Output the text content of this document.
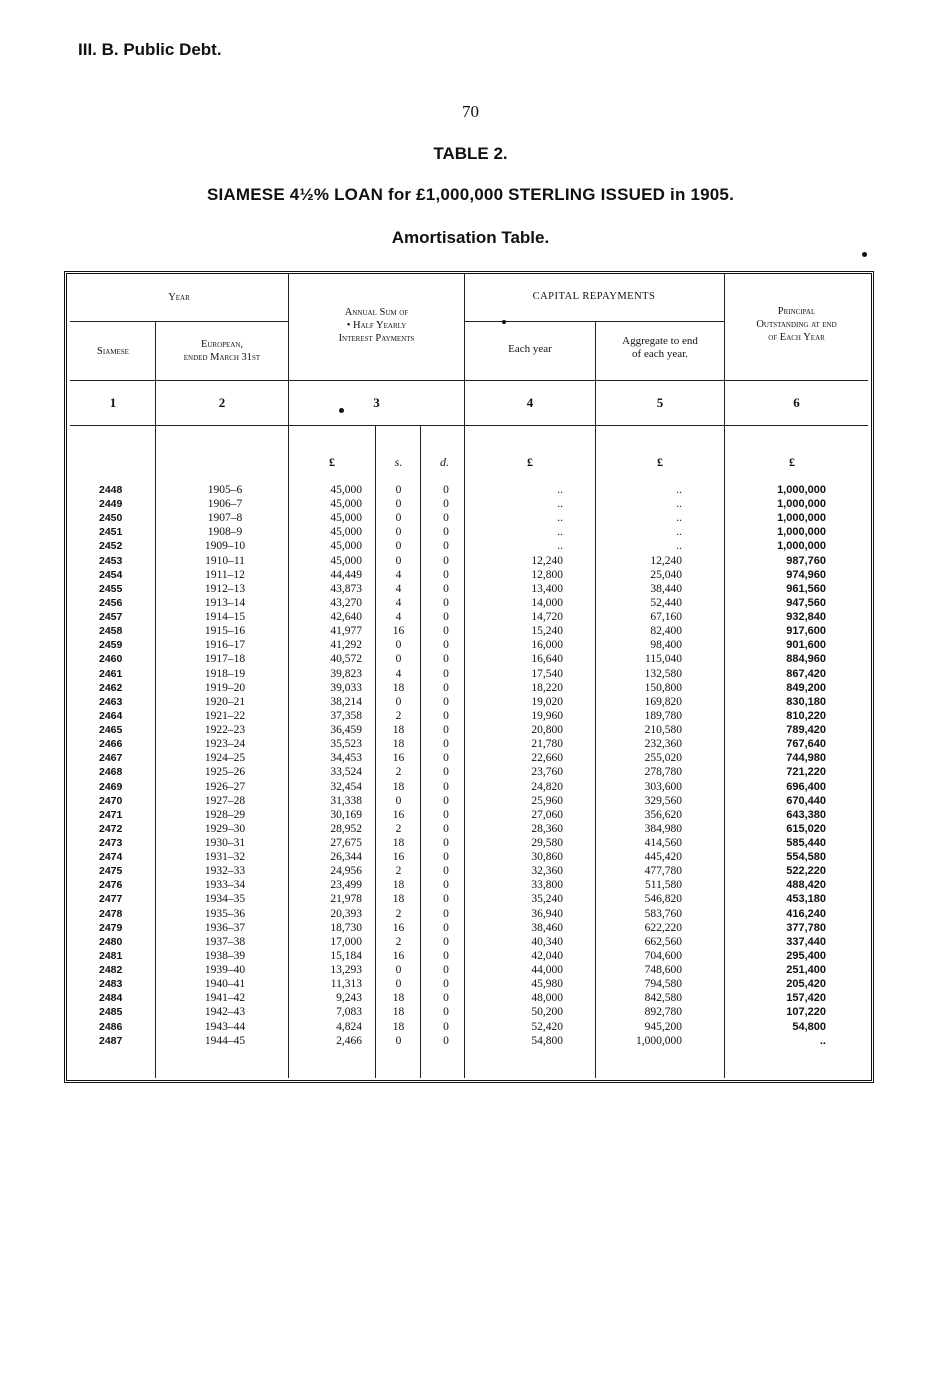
III. B. Public Debt.
70
TABLE 2.
SIAMESE 4½% LOAN for £1,000,000 STERLING ISSUED in 1905.
Amortisation Table.
Year
Siamese
European,
ended March 31st
Annual Sum of
• Half Yearly
Interest Payments
CAPITAL REPAYMENTS
Each year
Aggregate to end
of each year.
Principal
Outstanding at end
of Each Year
1	2	3	4	5	6
£	s.	d.	£	£	£
2448	1905–6	45,000	0	0	..	..	1,000,000
2449	1906–7	45,000	0	0	..	..	1,000,000
2450	1907–8	45,000	0	0	..	..	1,000,000
2451	1908–9	45,000	0	0	..	..	1,000,000
2452	1909–10	45,000	0	0	..	..	1,000,000
2453	1910–11	45,000	0	0	12,240	12,240	987,760
2454	1911–12	44,449	4	0	12,800	25,040	974,960
2455	1912–13	43,873	4	0	13,400	38,440	961,560
2456	1913–14	43,270	4	0	14,000	52,440	947,560
2457	1914–15	42,640	4	0	14,720	67,160	932,840
2458	1915–16	41,977	16	0	15,240	82,400	917,600
2459	1916–17	41,292	0	0	16,000	98,400	901,600
2460	1917–18	40,572	0	0	16,640	115,040	884,960
2461	1918–19	39,823	4	0	17,540	132,580	867,420
2462	1919–20	39,033	18	0	18,220	150,800	849,200
2463	1920–21	38,214	0	0	19,020	169,820	830,180
2464	1921–22	37,358	2	0	19,960	189,780	810,220
2465	1922–23	36,459	18	0	20,800	210,580	789,420
2466	1923–24	35,523	18	0	21,780	232,360	767,640
2467	1924–25	34,453	16	0	22,660	255,020	744,980
2468	1925–26	33,524	2	0	23,760	278,780	721,220
2469	1926–27	32,454	18	0	24,820	303,600	696,400
2470	1927–28	31,338	0	0	25,960	329,560	670,440
2471	1928–29	30,169	16	0	27,060	356,620	643,380
2472	1929–30	28,952	2	0	28,360	384,980	615,020
2473	1930–31	27,675	18	0	29,580	414,560	585,440
2474	1931–32	26,344	16	0	30,860	445,420	554,580
2475	1932–33	24,956	2	0	32,360	477,780	522,220
2476	1933–34	23,499	18	0	33,800	511,580	488,420
2477	1934–35	21,978	18	0	35,240	546,820	453,180
2478	1935–36	20,393	2	0	36,940	583,760	416,240
2479	1936–37	18,730	16	0	38,460	622,220	377,780
2480	1937–38	17,000	2	0	40,340	662,560	337,440
2481	1938–39	15,184	16	0	42,040	704,600	295,400
2482	1939–40	13,293	0	0	44,000	748,600	251,400
2483	1940–41	11,313	0	0	45,980	794,580	205,420
2484	1941–42	9,243	18	0	48,000	842,580	157,420
2485	1942–43	7,083	18	0	50,200	892,780	107,220
2486	1943–44	4,824	18	0	52,420	945,200	54,800
2487	1944–45	2,466	0	0	54,800	1,000,000	..
